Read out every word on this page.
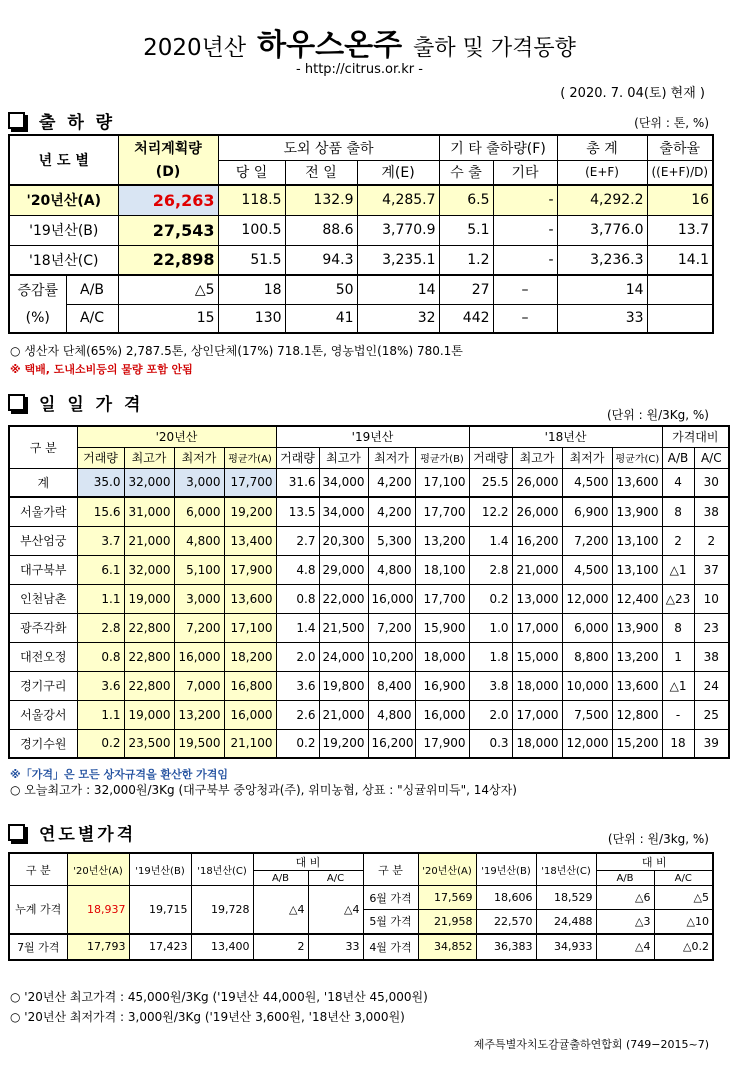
2020년산 하우스온주 출하 및 가격동향
- http://citrus.or.kr -
( 2020. 7. 04(토) 현재 )
출 하 량	(단위 : 톤, %)
년 도 별		처리계획량	도외 상품 출하			기 타 출하량(F)		총 계	출하율
		(D)	당 일	전 일	계(E)	수 출	기타	(E+F)	((E+F)/D)
'20년산(A)		26,263	118.5	132.9	4,285.7	6.5	-	4,292.2	16
'19년산(B)		27,543	100.5	88.6	3,770.9	5.1	-	3,776.0	13.7
'18년산(C)		22,898	51.5	94.3	3,235.1	1.2	-	3,236.3	14.1
증감률	A/B	△5	18	50	14	27	–	14	
(%)	A/C	15	130	41	32	442	–	33	
○ 생산자 단체(65%) 2,787.5톤, 상인단체(17%) 718.1톤, 영농법인(18%) 780.1톤
※ 택배, 도내소비등의 물량 포함 안됨
일 일 가 격	(단위 : 원/3Kg, %)
구 분	'20년산				'19년산				'18년산				가격대비	
	거래량	최고가	최저가	평균가(A)	거래량	최고가	최저가	평균가(B)	거래량	최고가	최저가	평균가(C)	A/B	A/C
계	35.0	32,000	3,000	17,700	31.6	34,000	4,200	17,100	25.5	26,000	4,500	13,600	4	30
서울가락	15.6	31,000	6,000	19,200	13.5	34,000	4,200	17,700	12.2	26,000	6,900	13,900	8	38
부산엄궁	3.7	21,000	4,800	13,400	2.7	20,300	5,300	13,200	1.4	16,200	7,200	13,100	2	2
대구북부	6.1	32,000	5,100	17,900	4.8	29,000	4,800	18,100	2.8	21,000	4,500	13,100	△1	37
인천남촌	1.1	19,000	3,000	13,600	0.8	22,000	16,000	17,700	0.2	13,000	12,000	12,400	△23	10
광주각화	2.8	22,800	7,200	17,100	1.4	21,500	7,200	15,900	1.0	17,000	6,000	13,900	8	23
대전오정	0.8	22,800	16,000	18,200	2.0	24,000	10,200	18,000	1.8	15,000	8,800	13,200	1	38
경기구리	3.6	22,800	7,000	16,800	3.6	19,800	8,400	16,900	3.8	18,000	10,000	13,600	△1	24
서울강서	1.1	19,000	13,200	16,000	2.6	21,000	4,800	16,000	2.0	17,000	7,500	12,800	-	25
경기수원	0.2	23,500	19,500	21,100	0.2	19,200	16,200	17,900	0.3	18,000	12,000	15,200	18	39
※「가격」은 모든 상자규격을 환산한 가격임
○ 오늘최고가 : 32,000원/3Kg (대구북부 중앙청과(주), 위미농협, 상표 : "싱귤위미득", 14상자)
연도별가격	(단위 : 원/3kg, %)
구 분	'20년산(A)	'19년산(B)	'18년산(C)	대 비		구 분	'20년산(A)	'19년산(B)	'18년산(C)	대 비	
				A/B	A/C					A/B	A/C
누계 가격	18,937	19,715	19,728	△4	△4	6월 가격	17,569	18,606	18,529	△6	△5
						5월 가격	21,958	22,570	24,488	△3	△10
7월 가격	17,793	17,423	13,400	2	33	4월 가격	34,852	36,383	34,933	△4	△0.2
○ '20년산 최고가격 : 45,000원/3Kg ('19년산 44,000원, '18년산 45,000원)
○ '20년산 최저가격 : 3,000원/3Kg ('19년산 3,600원, '18년산 3,000원)
제주특별자치도감귤출하연합회 (749−2015~7)
